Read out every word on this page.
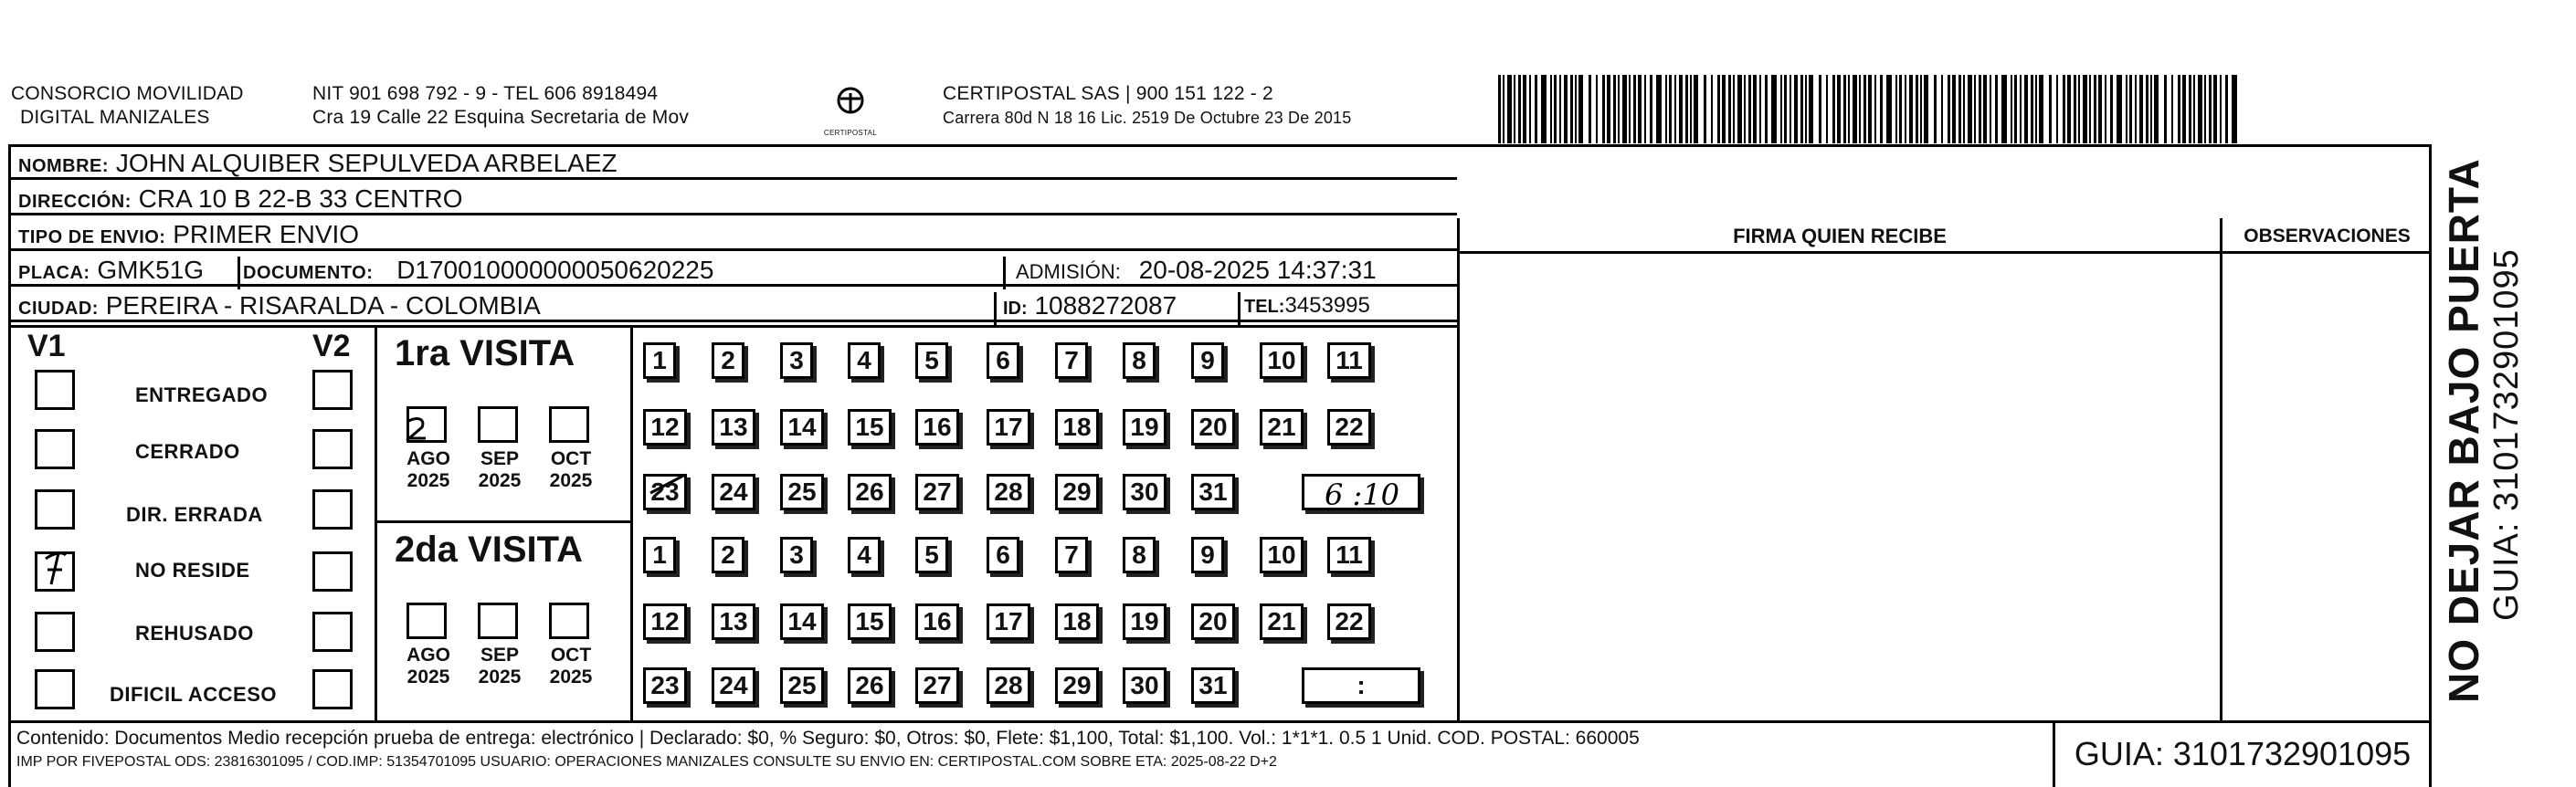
CONSORCIO MOVILIDAD
DIGITAL MANIZALES
NIT 901 698 792 - 9 - TEL 606 8918494
Cra 19 Calle 22 Esquina Secretaria de Mov
CERTIPOSTAL
CERTIPOSTAL SAS | 900 151 122 - 2
Carrera 80d N 18 16 Lic. 2519 De Octubre 23 De 2015
NOMBRE: JOHN ALQUIBER SEPULVEDA ARBELAEZ
DIRECCIÓN: CRA 10 B 22-B 33 CENTRO
TIPO DE ENVIO: PRIMER ENVIO
PLACA: GMK51G	DOCUMENTO: D170010000000050620225	ADMISIÓN: 20-08-2025 14:37:31
CIUDAD: PEREIRA - RISARALDA - COLOMBIA	ID: 1088272087	TEL:3453995
FIRMA QUIEN RECIBE	OBSERVACIONES
V1	V2
ENTREGADO
CERRADO
DIR. ERRADA
NO RESIDE
REHUSADO
DIFICIL ACCESO
1ra VISITA
2da VISITA
AGO
2025
SEP
2025
OCT
2025
AGO
2025
SEP
2025
OCT
2025
1	2	3	4	5	6	7	8	9	10	11
12	13	14	15	16	17	18	19	20	21	22
23	24	25	26	27	28	29	30	31
1	2	3	4	5	6	7	8	9	10	11
12	13	14	15	16	17	18	19	20	21	22
23	24	25	26	27	28	29	30	31	:
6 :10
Contenido: Documentos Medio recepción prueba de entrega: electrónico | Declarado: $0, % Seguro: $0, Otros: $0, Flete: $1,100, Total: $1,100. Vol.: 1*1*1. 0.5 1 Unid. COD. POSTAL: 660005
IMP POR FIVEPOSTAL ODS: 23816301095 / COD.IMP: 51354701095 USUARIO: OPERACIONES MANIZALES CONSULTE SU ENVIO EN: CERTIPOSTAL.COM SOBRE ETA: 2025-08-22 D+2	GUIA: 3101732901095
NO DEJAR BAJO PUERTA GUIA: 3101732901095
